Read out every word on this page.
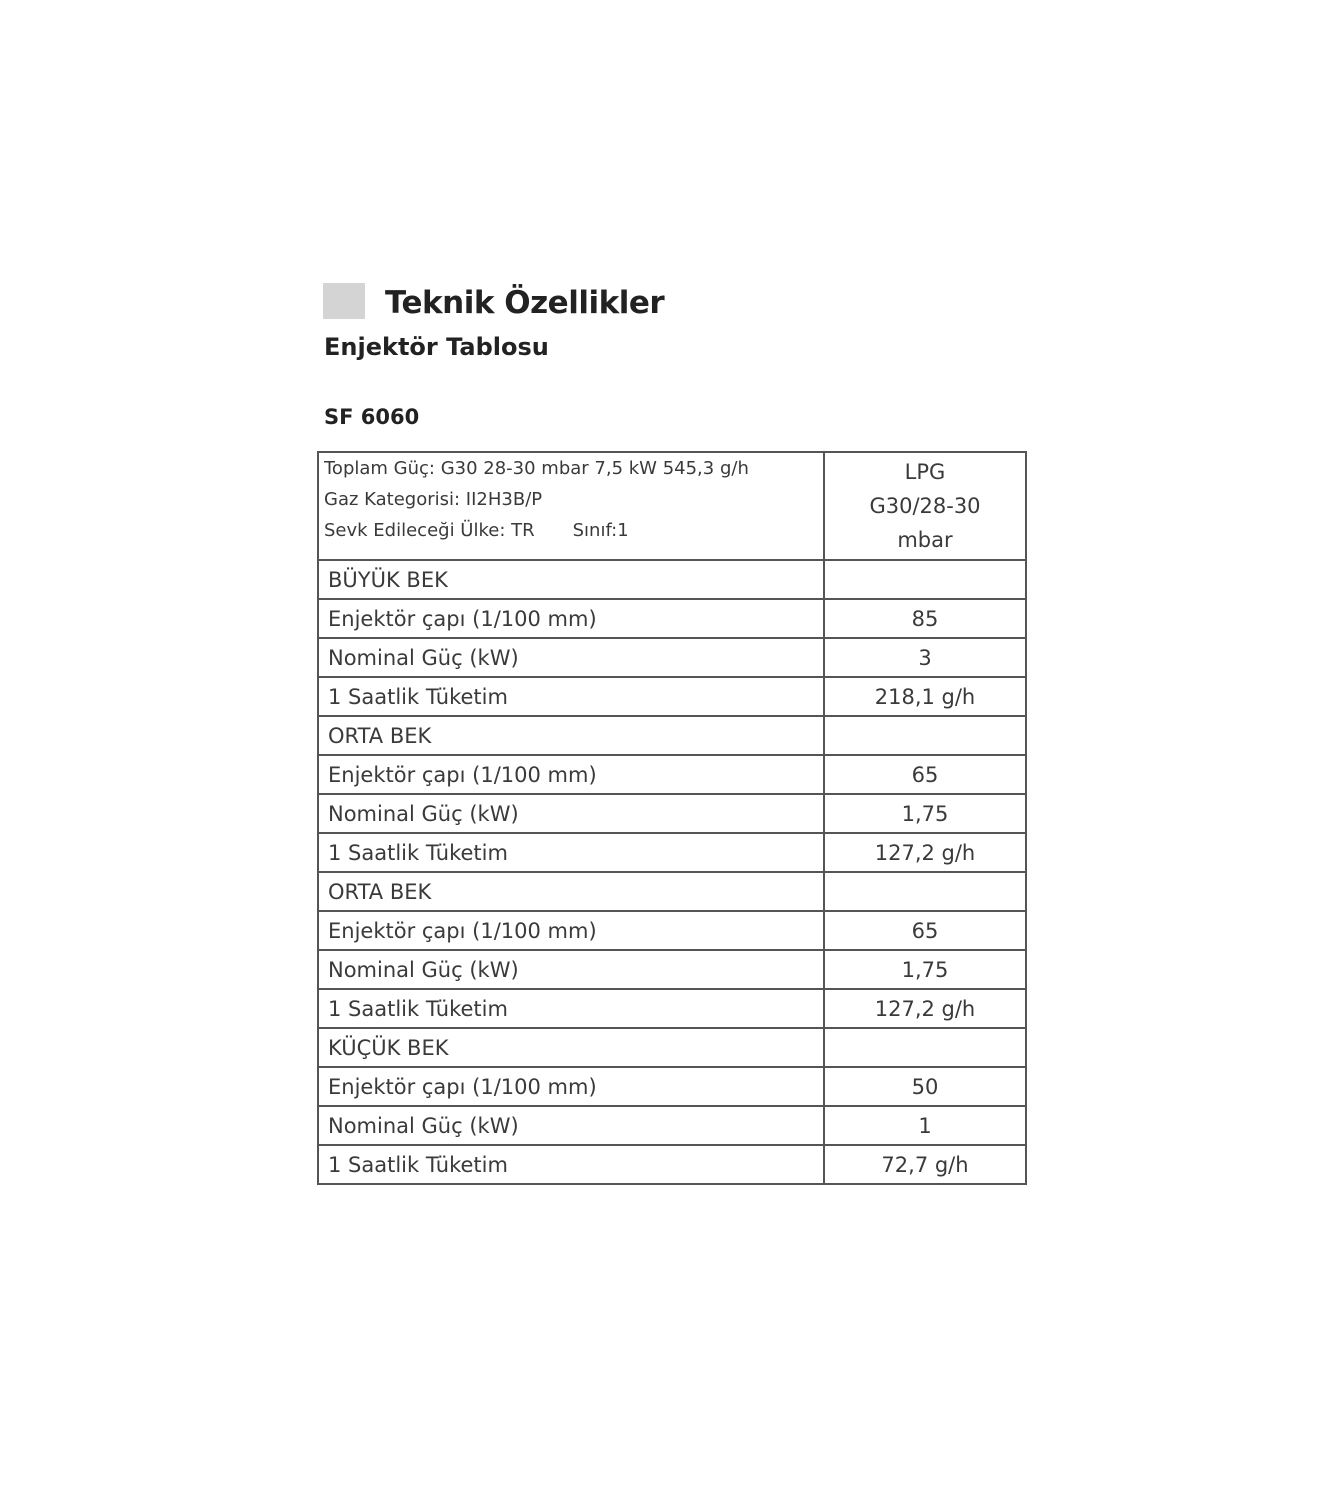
Teknik Özellikler
Enjektör Tablosu
SF 6060
Toplam Güç: G30 28-30 mbar 7,5 kW 545,3 g/h
Gaz Kategorisi: II2H3B/P
Sevk Edileceği Ülke: TR Sınıf:1	LPG
G30/28-30
mbar

BÜYÜK BEK	
Enjektör çapı (1/100 mm)	85
Nominal Güç (kW)	3
1 Saatlik Tüketim	218,1 g/h
ORTA BEK	
Enjektör çapı (1/100 mm)	65
Nominal Güç (kW)	1,75
1 Saatlik Tüketim	127,2 g/h
ORTA BEK	
Enjektör çapı (1/100 mm)	65
Nominal Güç (kW)	1,75
1 Saatlik Tüketim	127,2 g/h
KÜÇÜK BEK	
Enjektör çapı (1/100 mm)	50
Nominal Güç (kW)	1
1 Saatlik Tüketim	72,7 g/h
